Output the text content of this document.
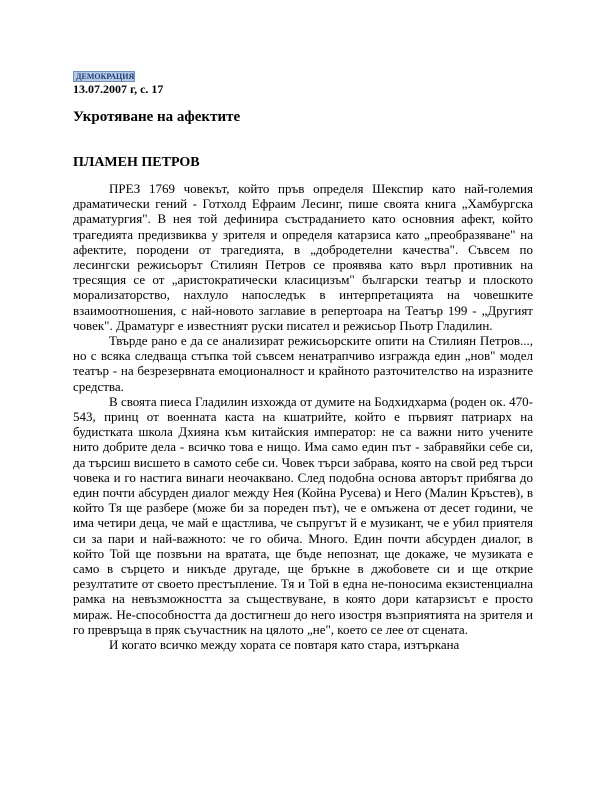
ДЕМОКРАЦИЯ
13.07.2007 г, с. 17
Укротяване на афектите
ПЛАМЕН ПЕТРОВ

ПРЕЗ 1769 човекът, който пръв определя Шекспир като най-големия драматически гений - Готхолд Ефраим Лесинг, пише своята книга „Хамбургска драматургия". В нея той дефинира състраданието като основния афект, който трагедията предизвиква у зрителя и определя катарзиса като „преобразяване" на афектите, породени от трагедията, в „добродетелни качества". Съвсем по лесингски режисьорът Стилиян Петров се проявява като върл противник на тресящия се от „аристократически класицизъм" български театър и плоското морализаторство, нахлуло напоследък в интерпретацията на човешките взаимоотношения, с най-новото заглавие в репертоара на Театър 199 - „Другият човек". Драматург е известният руски писател и режисьор Пьотр Гладилин.

Твърде рано е да се анализират режисьорските опити на Стилиян Петров..., но с всяка следваща стъпка той съвсем ненатрапчиво изгражда един „нов" модел театър - на безрезервната емоционалност и крайното разточителство на изразните средства.

В своята пиеса Гладилин изхожда от думите на Бодхидхарма (роден ок. 470-543, принц от военната каста на кшатрийте, който е първият патриарх на будистката школа Дхияна към китайския император: не са важни нито учените нито добрите дела - всичко това е нищо. Има само един път - забравяйки себе си, да търсиш висшето в самото себе си. Човек търси забрава, която на свой ред търси човека и го настига винаги неочаквано. След подобна основа авторът прибягва до един почти абсурден диалог между Нея (Койна Русева) и Него (Малин Кръстев), в който Тя ще разбере (може би за пореден път), че е омъжена от десет години, че има четири деца, че май е щастлива, че съпругът й е музикант, че е убил приятеля си за пари и най-важното: че го обича. Много. Един почти абсурден диалог, в който Той ще позвъни на вратата, ще бъде непознат, ще докаже, че музиката е само в сърцето и никъде другаде, ще бръкне в джобовете си и ще открие резултатите от своето престъпление. Тя и Той в една не-поносима екзистенциална рамка на невъзможността за съществуване, в която дори катарзисът е просто мираж. Не-способността да достигнеш до него изостря възприятията на зрителя и го превръща в пряк съучастник на цялото „не", което се лее от сцената.

И когато всичко между хората се повтаря като стара, изтъркана
